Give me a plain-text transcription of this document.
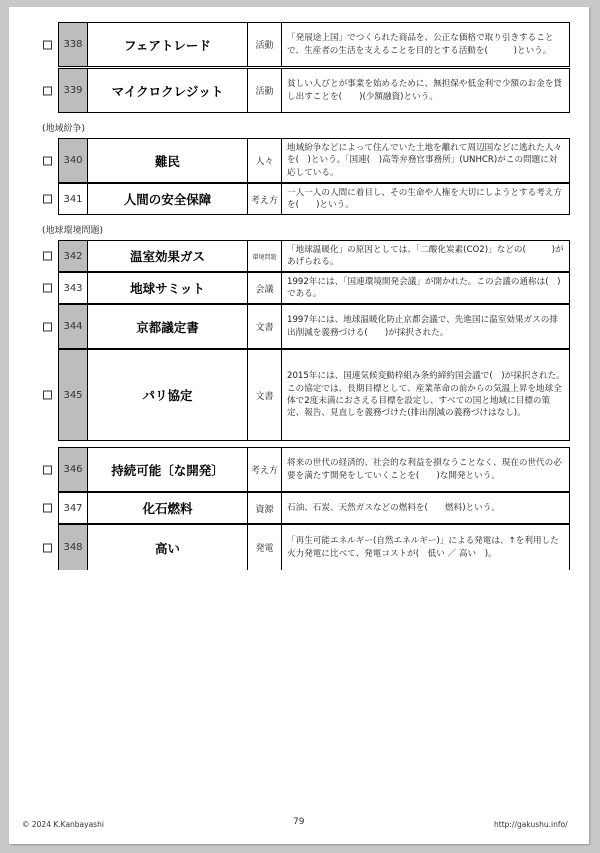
338	フェアトレード	活動
「発展途上国」でつくられた商品を、公正な価格で取り引きすることで、生産者の生活を支えることを目的とする活動を(　　　)という。
339	マイクロクレジット	活動
貧しい人びとが事業を始めるために、無担保や低金利で少額のお金を貸し出すことを(　　)(少額融資)という。
(地域紛争)
340	難民	人々
地域紛争などによって住んでいた土地を離れて周辺国などに逃れた人々を(　)という。「国連(　)高等弁務官事務所」(UNHCR)がこの問題に対応している。
341	人間の安全保障	考え方
一人一人の人間に着目し、その生命や人権を大切にしようとする考え方を(　　)という。
(地球環境問題)
342	温室効果ガス	環境問題
「地球温暖化」の原因としては、「二酸化炭素(CO2)」などの(　　　)があげられる。
343	地球サミット	会議
1992年には、「国連環境開発会議」が開かれた。この会議の通称は(　)である。
344	京都議定書	文書
1997年には、地球温暖化防止京都会議で、先進国に温室効果ガスの排出削減を義務づける(　　)が採択された。
345	パリ協定	文書
2015年には、国連気候変動枠組み条約締約国会議で(　)が採択された。この協定では、長期目標として、産業革命の前からの気温上昇を地球全体で2度未満におさえる目標を設定し、すべての国と地域に目標の策定、報告、見直しを義務づけた(排出削減の義務づけはなし)。
346	持続可能〔な開発〕	考え方
将来の世代の経済的、社会的な利益を損なうことなく、現在の世代の必要を満たす開発をしていくことを(　　)な開発という。
347	化石燃料	資源	石油、石炭、天然ガスなどの燃料を(　　燃料)という。
348	高い	発電
「再生可能エネルギー(自然エネルギー)」による発電は、↑を利用した火力発電に比べて、発電コストが(　低い ／ 高い　)。
© 2024 K.Kanbayashi	79	http://gakushu.info/
